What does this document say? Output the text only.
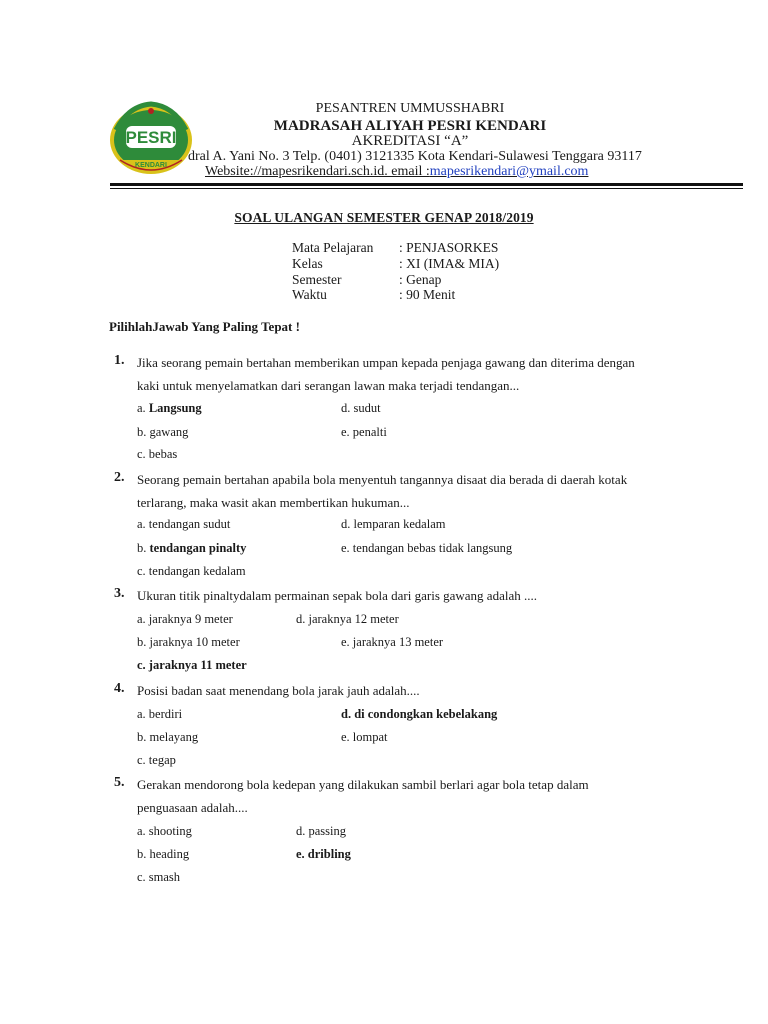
PESRI
KENDARI
PESANTREN UMMUSSHABRI
MADRASAH ALIYAH PESRI KENDARI
AKREDITASI “A”
dral A. Yani No. 3 Telp. (0401) 3121335 Kota Kendari-Sulawesi Tenggara 93117
Website://mapesrikendari.sch.id. email :mapesrikendari@ymail.com
SOAL ULANGAN SEMESTER GENAP 2018/2019
Mata Pelajaran : PENJASORKES
Kelas	: XI (IMA& MIA)
Semester	: Genap
Waktu	: 90 Menit
PilihlahJawab Yang Paling Tepat !
1. Jika seorang pemain bertahan memberikan umpan kepada penjaga gawang dan diterima dengan
kaki untuk menyelamatkan dari serangan lawan maka terjadi tendangan...
a. Langsung	d. sudut
b. gawang	e. penalti
c. bebas
2. Seorang pemain bertahan apabila bola menyentuh tangannya disaat dia berada di daerah kotak
terlarang, maka wasit akan membertikan hukuman...
a. tendangan sudut	d. lemparan kedalam
b. tendangan pinalty	e. tendangan bebas tidak langsung
c. tendangan kedalam
3. Ukuran titik pinaltydalam permainan sepak bola dari garis gawang adalah ....
a. jaraknya 9 meter	d. jaraknya 12 meter
b. jaraknya 10 meter	e. jaraknya 13 meter
c. jaraknya 11 meter
4. Posisi badan saat menendang bola jarak jauh adalah....
a. berdiri	d. di condongkan kebelakang
b. melayang	e. lompat
c. tegap
5. Gerakan mendorong bola kedepan yang dilakukan sambil berlari agar bola tetap dalam
penguasaan adalah....
a. shooting	d. passing
b. heading	e. dribling
c. smash
